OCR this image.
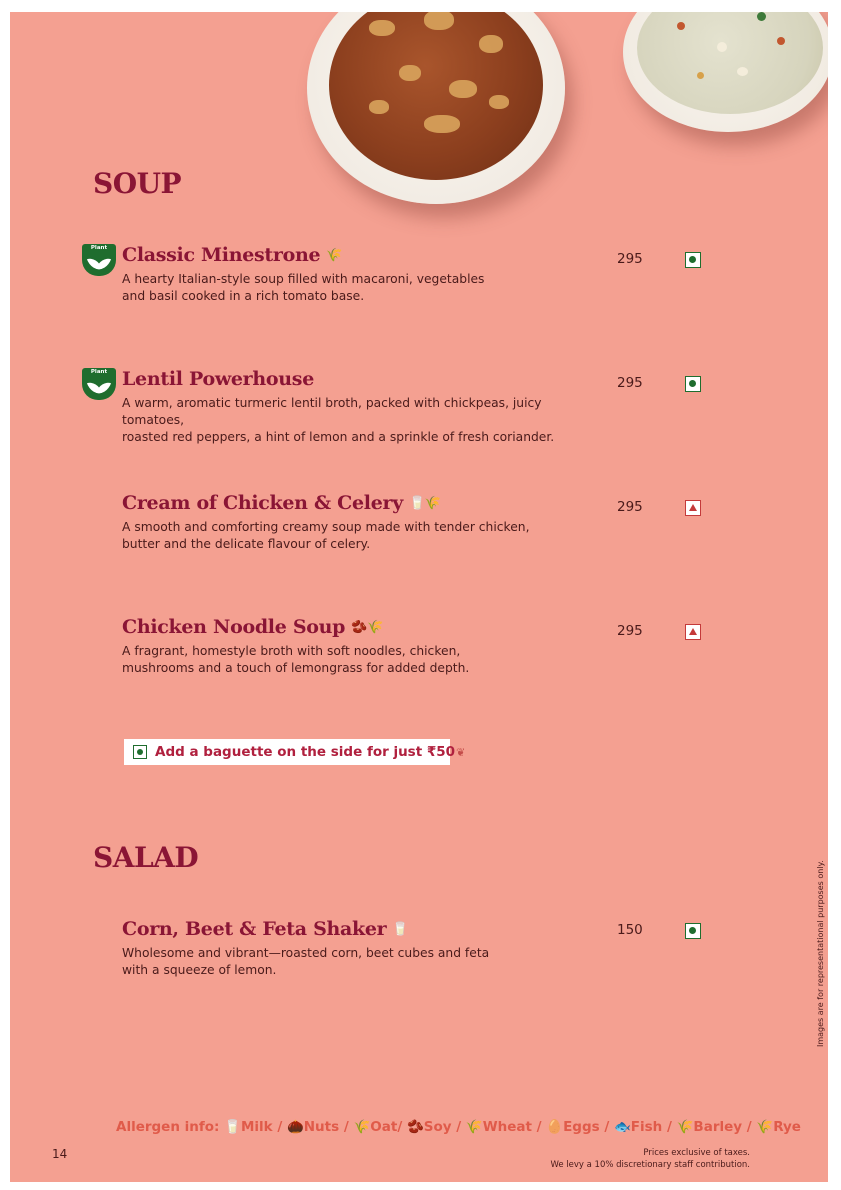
SOUP
Plant Classic Minestrone 🌾
A hearty Italian-style soup filled with macaroni, vegetables
and basil cooked in a rich tomato base.
295
Plant Lentil Powerhouse
A warm, aromatic turmeric lentil broth, packed with chickpeas, juicy tomatoes,
roasted red peppers, a hint of lemon and a sprinkle of fresh coriander.
295
Cream of Chicken & Celery 🥛🌾
A smooth and comforting creamy soup made with tender chicken,
butter and the delicate flavour of celery.
295
Chicken Noodle Soup 🫘🌾
A fragrant, homestyle broth with soft noodles, chicken,
mushrooms and a touch of lemongrass for added depth.
295
Add a baguette on the side for just ₹50❦
SALAD
Corn, Beet & Feta Shaker 🥛
Wholesome and vibrant—roasted corn, beet cubes and feta
with a squeeze of lemon.
150	Images are for representational purposes only.
Allergen info: 🥛Milk / 🌰Nuts / 🌾Oat/ 🫘Soy / 🌾Wheat / 🥚Eggs / 🐟Fish / 🌾Barley / 🌾Rye
14	Prices exclusive of taxes.
We levy a 10% discretionary staff contribution.
